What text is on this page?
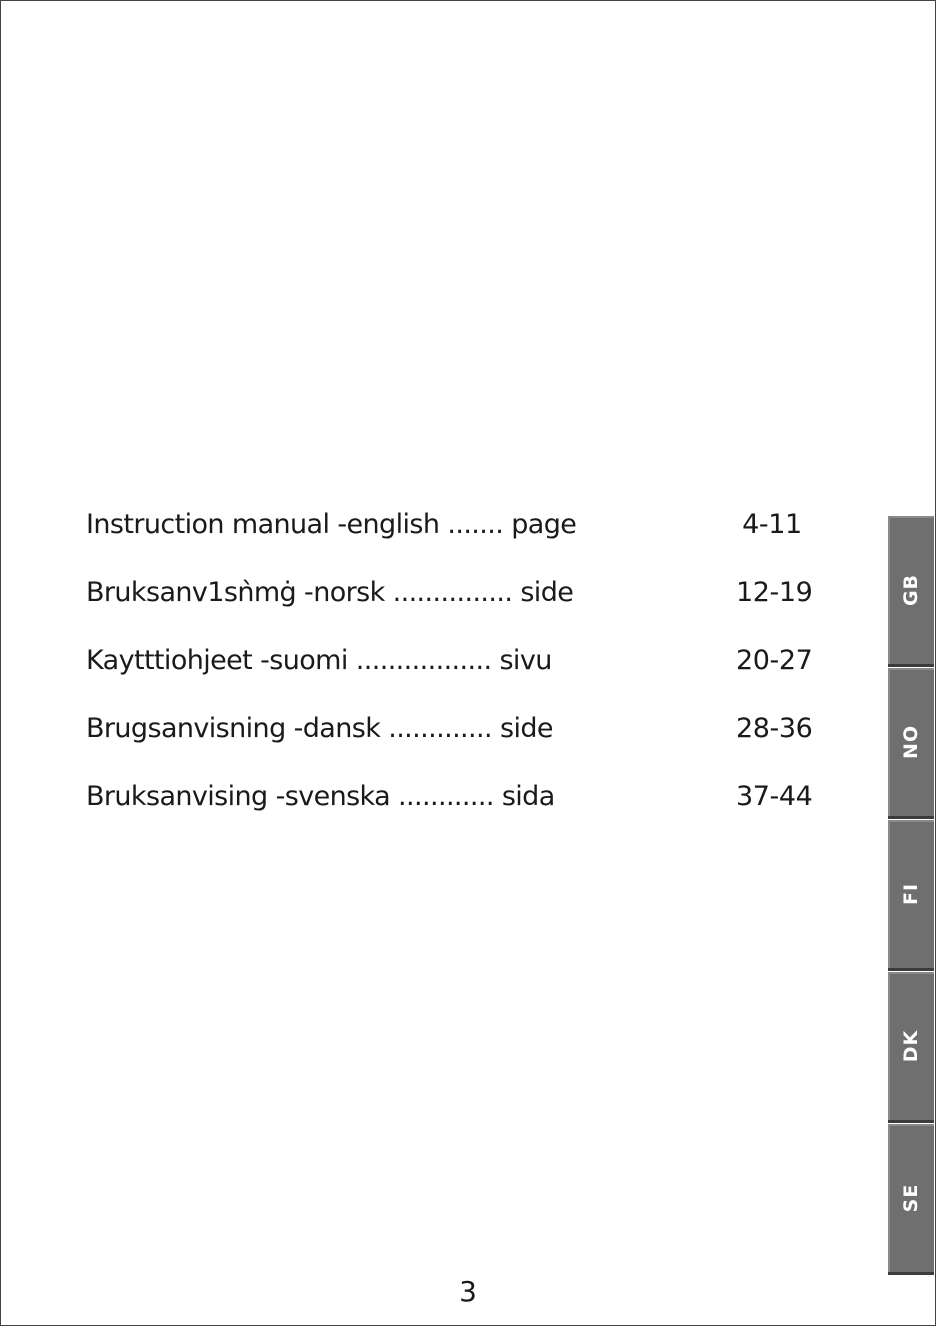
Instruction manual -english ....... page	4-11
Bruksanv1sǹmġ -norsk ............... side	12-19
Kaytttiohjeet -suomi ................. sivu	20-27
Brugsanvisning -dansk ............. side	28-36
Bruksanvising -svenska ............ sida	37-44
GB
NO
FI
DK
SE
3
